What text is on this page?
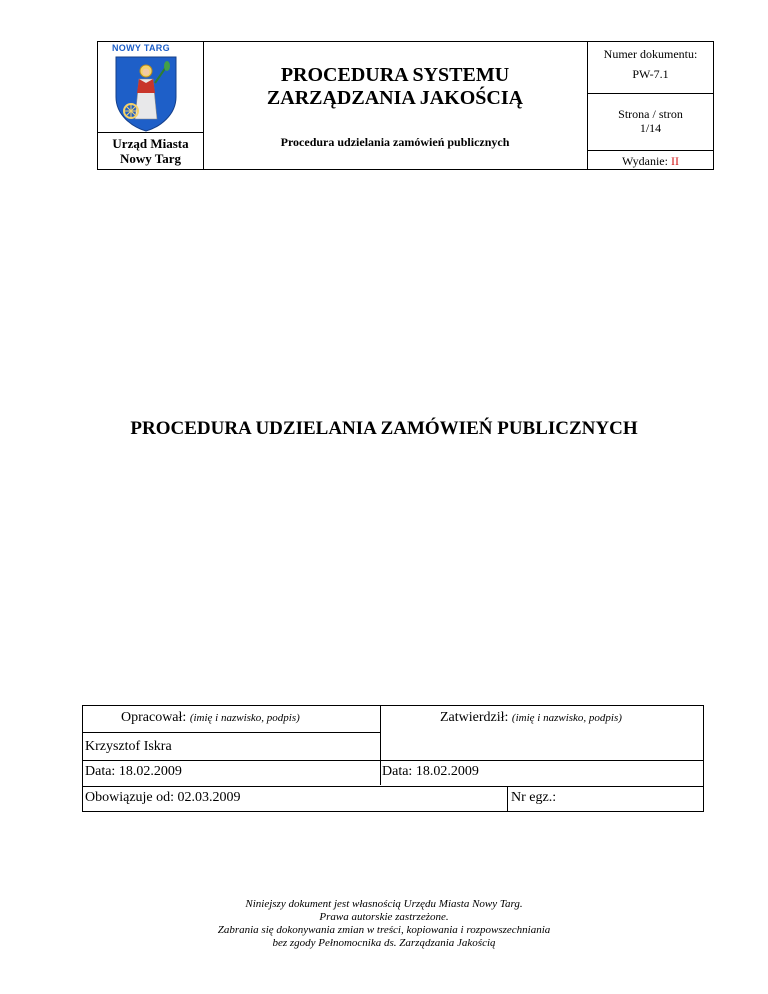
NOWY TARG
Urząd Miasta
Nowy Targ
PROCEDURA SYSTEMU
ZARZĄDZANIA JAKOŚCIĄ
Procedura udzielania zamówień publicznych
Numer dokumentu:
PW-7.1
Strona / stron
1/14
Wydanie: II
PROCEDURA UDZIELANIA ZAMÓWIEŃ PUBLICZNYCH
Opracował: (imię i nazwisko, podpis)	Zatwierdził: (imię i nazwisko, podpis)
Krzysztof Iskra
Data: 18.02.2009	Data: 18.02.2009
Obowiązuje od: 02.03.2009	Nr egz.:
Niniejszy dokument jest własnością Urzędu Miasta Nowy Targ.
Prawa autorskie zastrzeżone.
Zabrania się dokonywania zmian w treści, kopiowania i rozpowszechniania
bez zgody Pełnomocnika ds. Zarządzania Jakością
